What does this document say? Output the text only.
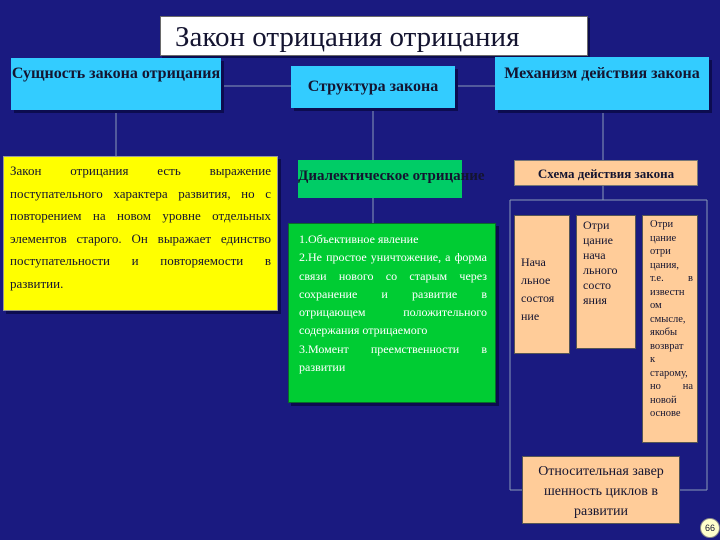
Закон отрицания отрицания
Сущность закона отрицания
Структура закона
Механизм действия закона
Закон отрицания есть выражение поступательного характера развития, но с повторением на новом уровне отдельных элементов старого. Он выражает единство поступательности и повторяемости в развитии.
Диалектическое отрицание
1.Объективное явление
2.Не простое уничтожение, а форма связи нового со старым через сохранение и развитие в отрицающем положительного содержания отрицаемого
3.Момент преемственности в развитии
Схема действия закона
Нача
льное
состоя
ние
Отри
цание
нача
льного
состо
яния
Отри
цание
отри
цания,
т.е. в
известн
ом
смысле,
якобы
возврат
к
старому,
но на
новой
основе
Относительная завер шенность циклов в развитии
66
